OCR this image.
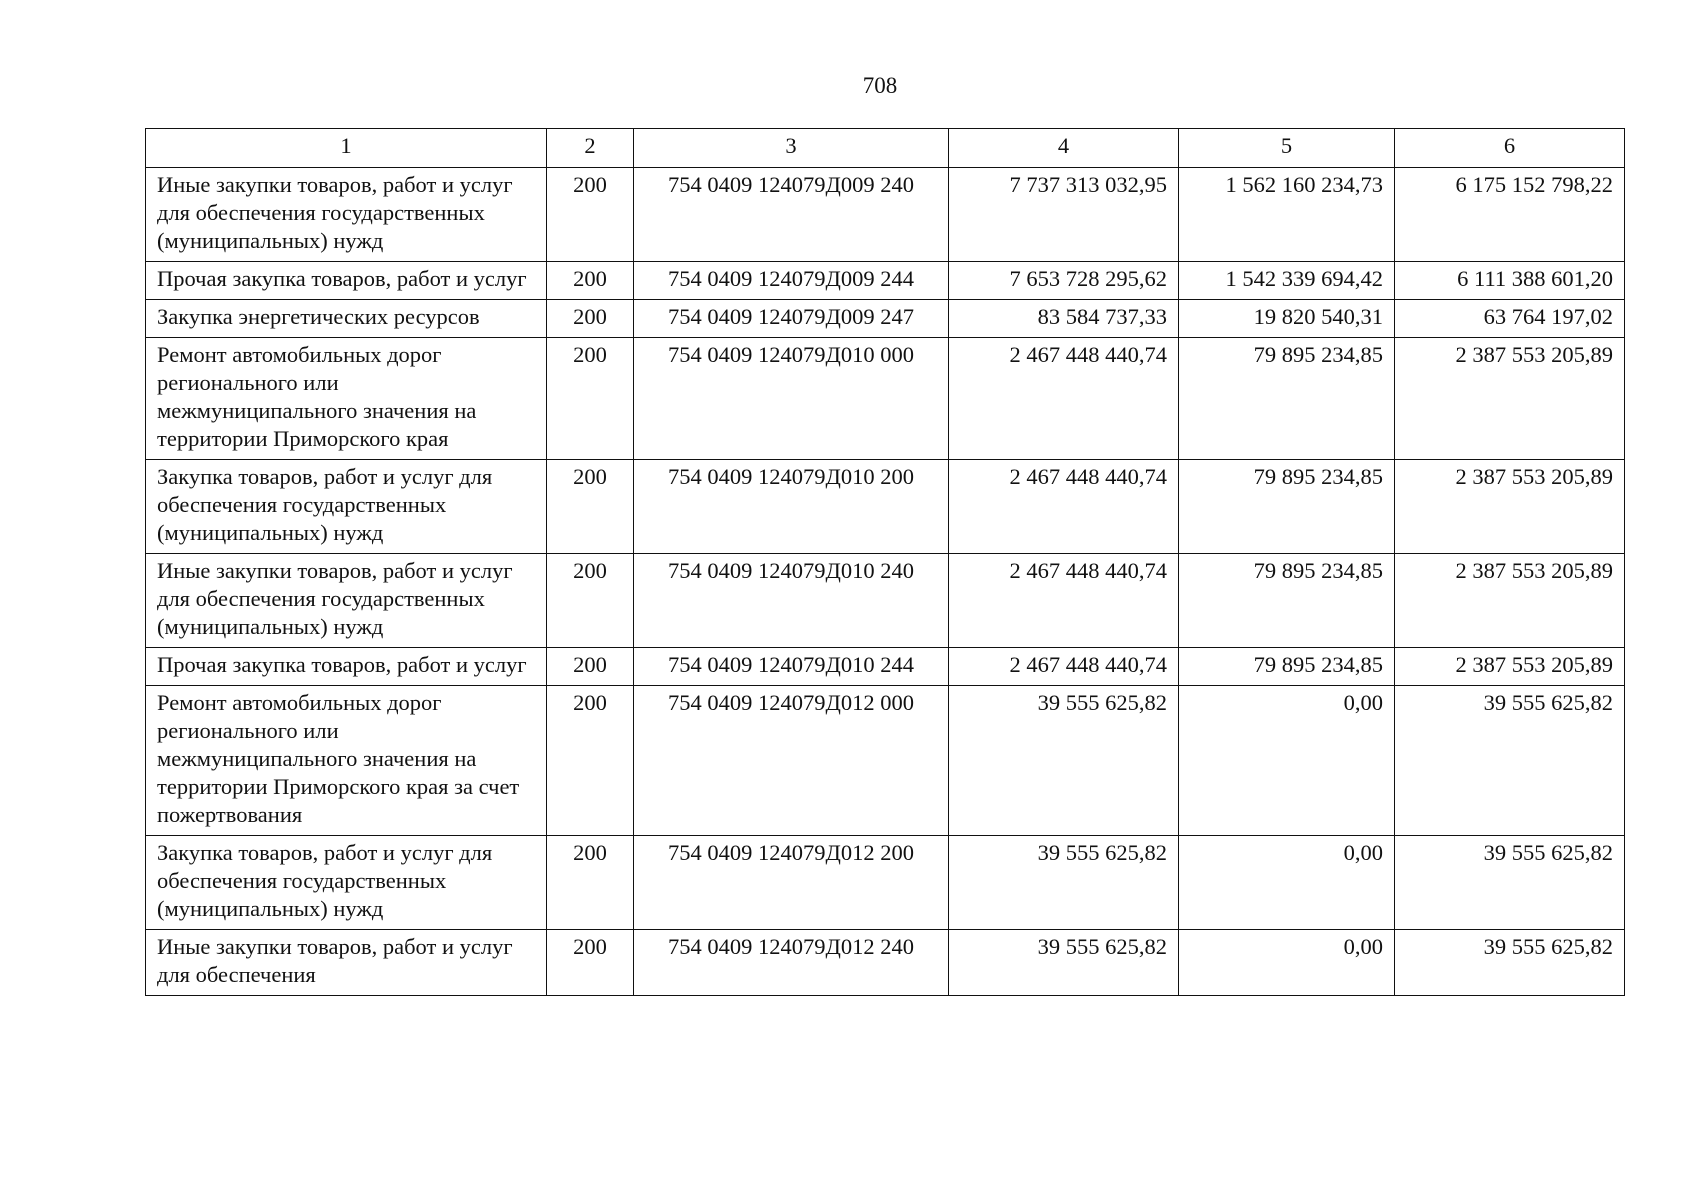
708
1	2	3	4	5	6
Иные закупки товаров, работ и услуг для обеспечения государственных (муниципальных) нужд	200	754 0409 124079Д009 240	7 737 313 032,95	1 562 160 234,73	6 175 152 798,22
Прочая закупка товаров, работ и услуг	200	754 0409 124079Д009 244	7 653 728 295,62	1 542 339 694,42	6 111 388 601,20
Закупка энергетических ресурсов	200	754 0409 124079Д009 247	83 584 737,33	19 820 540,31	63 764 197,02
Ремонт автомобильных дорог регионального или межмуниципального значения на территории Приморского края	200	754 0409 124079Д010 000	2 467 448 440,74	79 895 234,85	2 387 553 205,89
Закупка товаров, работ и услуг для обеспечения государственных (муниципальных) нужд	200	754 0409 124079Д010 200	2 467 448 440,74	79 895 234,85	2 387 553 205,89
Иные закупки товаров, работ и услуг для обеспечения государственных (муниципальных) нужд	200	754 0409 124079Д010 240	2 467 448 440,74	79 895 234,85	2 387 553 205,89
Прочая закупка товаров, работ и услуг	200	754 0409 124079Д010 244	2 467 448 440,74	79 895 234,85	2 387 553 205,89
Ремонт автомобильных дорог регионального или межмуниципального значения на территории Приморского края за счет пожертвования	200	754 0409 124079Д012 000	39 555 625,82	0,00	39 555 625,82
Закупка товаров, работ и услуг для обеспечения государственных (муниципальных) нужд	200	754 0409 124079Д012 200	39 555 625,82	0,00	39 555 625,82
Иные закупки товаров, работ и услуг для обеспечения	200	754 0409 124079Д012 240	39 555 625,82	0,00	39 555 625,82
